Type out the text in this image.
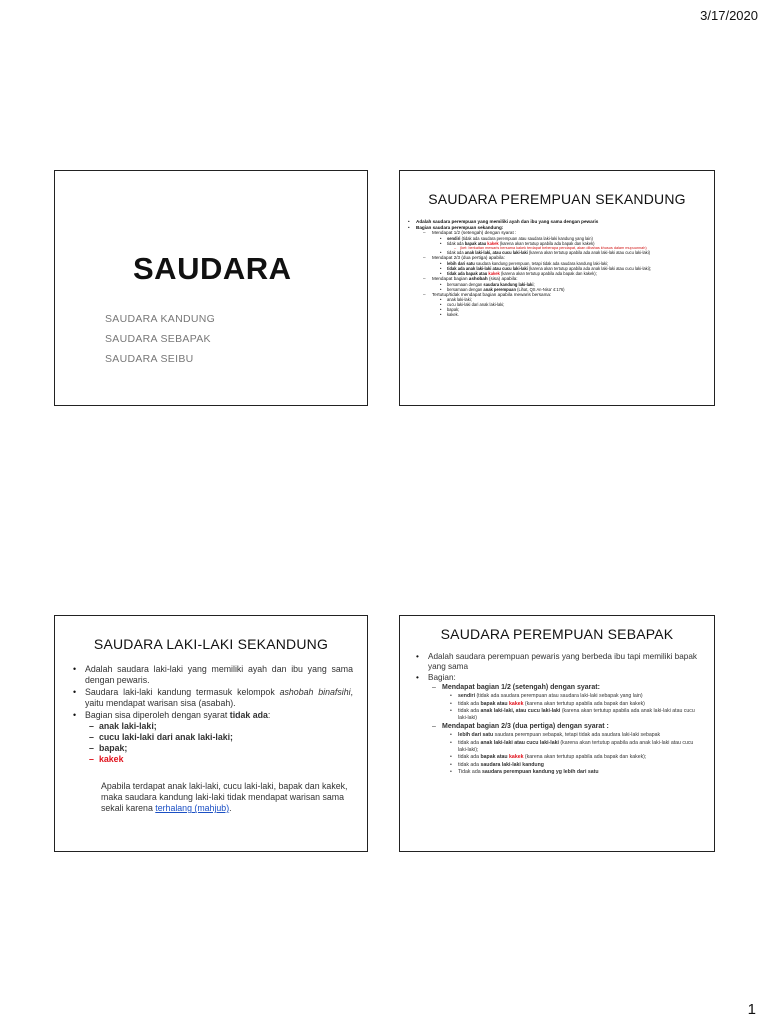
3/17/2020
SAUDARA
SAUDARA KANDUNG
SAUDARA SEBAPAK
SAUDARA SEIBU
SAUDARA PEREMPUAN SEKANDUNG
• Adalah saudara perempuan yang memiliki ayah dan ibu yang sama dengan pewaris
• Bagian saudara perempuan sekandung:
– Mendapat 1/2 (setengah) dengan syarat :
• sendiri (tidak ada saudara perempuan atau saudara laki-laki kandung yang lain)
• tidak ada bapak atau kakek (karena akan tertutup apabila ada bapak dan kakek)
– (ket: berkaitan mewaris bersama kakek terdapat beberapa pendapat, akan dibahas khusus dalam mupuunnah)
• tidak ada anak laki-laki, atau cucu laki-laki (karena akan tertutup apabila ada anak laki-laki atau cucu laki-laki)
– Mendapat 2/3 (dua pertiga) apabila:
• lebih dari satu saudara kandung perempuan, tetapi tidak ada saudara kandung laki-laki;
• tidak ada anak laki-laki atau cucu laki-laki (karena akan tertutup apabila ada anak laki-laki atau cucu laki-laki);
• tidak ada bapak atau kakek (karena akan tertutup apabila ada bapak dan kakek);
– Mendapat bagian ashobah (sisa) apabila:
• bersamaan dengan saudara kandung laki-laki;
• bersamaan dengan anak perempuan (Lihat, QS An-Nisa' 4:176)
– Tertutup/tidak mendapat bagian apabila mewaris bersama:
• anak laki-laki;
• cucu laki-laki dari anak laki-laki;
• bapak;
• kakek.
SAUDARA LAKI-LAKI SEKANDUNG
• Adalah saudara laki-laki yang memiliki ayah dan ibu yang sama dengan pewaris.
• Saudara laki-laki kandung termasuk kelompok ashobah binafsihi, yaitu mendapat warisan sisa (asabah).
• Bagian sisa diperoleh dengan syarat tidak ada:
– anak laki-laki;
– cucu laki-laki dari anak laki-laki;
– bapak;
– kakek
Apabila terdapat anak laki-laki, cucu laki-laki, bapak dan kakek, maka saudara kandung laki-laki tidak mendapat warisan sama sekali karena terhalang (mahjub).
SAUDARA PEREMPUAN SEBAPAK
• Adalah saudara perempuan pewaris yang berbeda ibu tapi memiliki bapak yang sama
• Bagian:
– Mendapat bagian 1/2 (setengah) dengan syarat:
• sendiri (tidak ada saudara perempuan atau saudara laki-laki sebapak yang lain)
• tidak ada bapak atau kakek (karena akan tertutup apabila ada bapak dan kakek)
• tidak ada anak laki-laki, atau cucu laki-laki (karena akan tertutup apabila ada anak laki-laki atau cucu laki-laki)
– Mendapat bagian 2/3 (dua pertiga) dengan syarat :
• lebih dari satu saudara perempuan sebapak, tetapi tidak ada saudara laki-laki sebapak
• tidak ada anak laki-laki atau cucu laki-laki (karena akan tertutup apabila ada anak laki-laki atau cucu laki-laki);
• tidak ada bapak atau kakek (karena akan tertutup apabila ada bapak dan kakek);
• tidak ada saudara laki-laki kandung
• Tidak ada saudara perempuan kandung yg lebih dari satu
1
